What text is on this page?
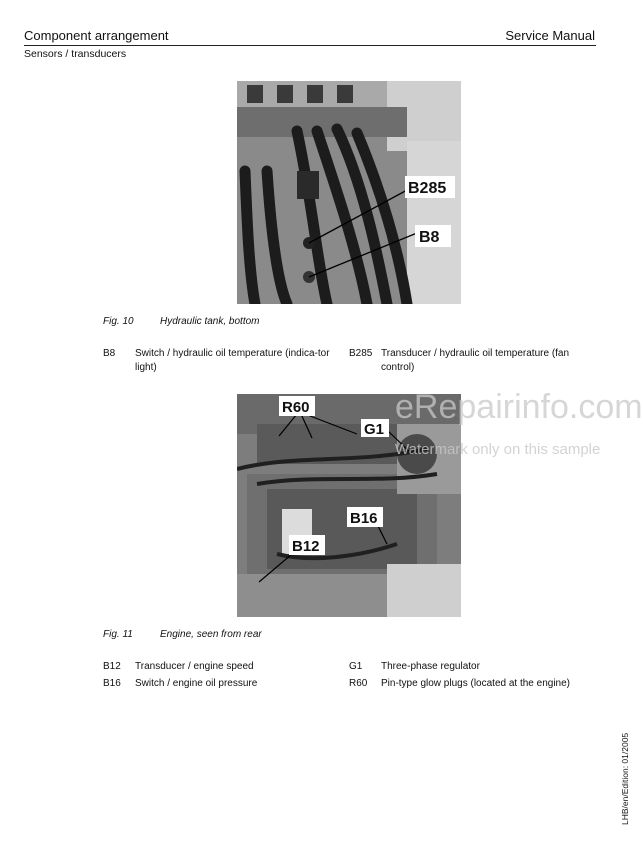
Component arrangement	Service Manual
Sensors / transducers
B285
B8
Fig. 10	Hydraulic tank, bottom
B8 Switch / hydraulic oil temperature (indica-tor light)
B285 Transducer / hydraulic oil temperature (fan control)
R60
G1
B16
B12
eRepairinfo.com
Watermark only on this sample
Fig. 11	Engine, seen from rear
B12 Transducer / engine speed
B16 Switch / engine oil pressure
G1 Three-phase regulator
R60 Pin-type glow plugs (located at the engine)
LHB/en/Edition: 01/2005
